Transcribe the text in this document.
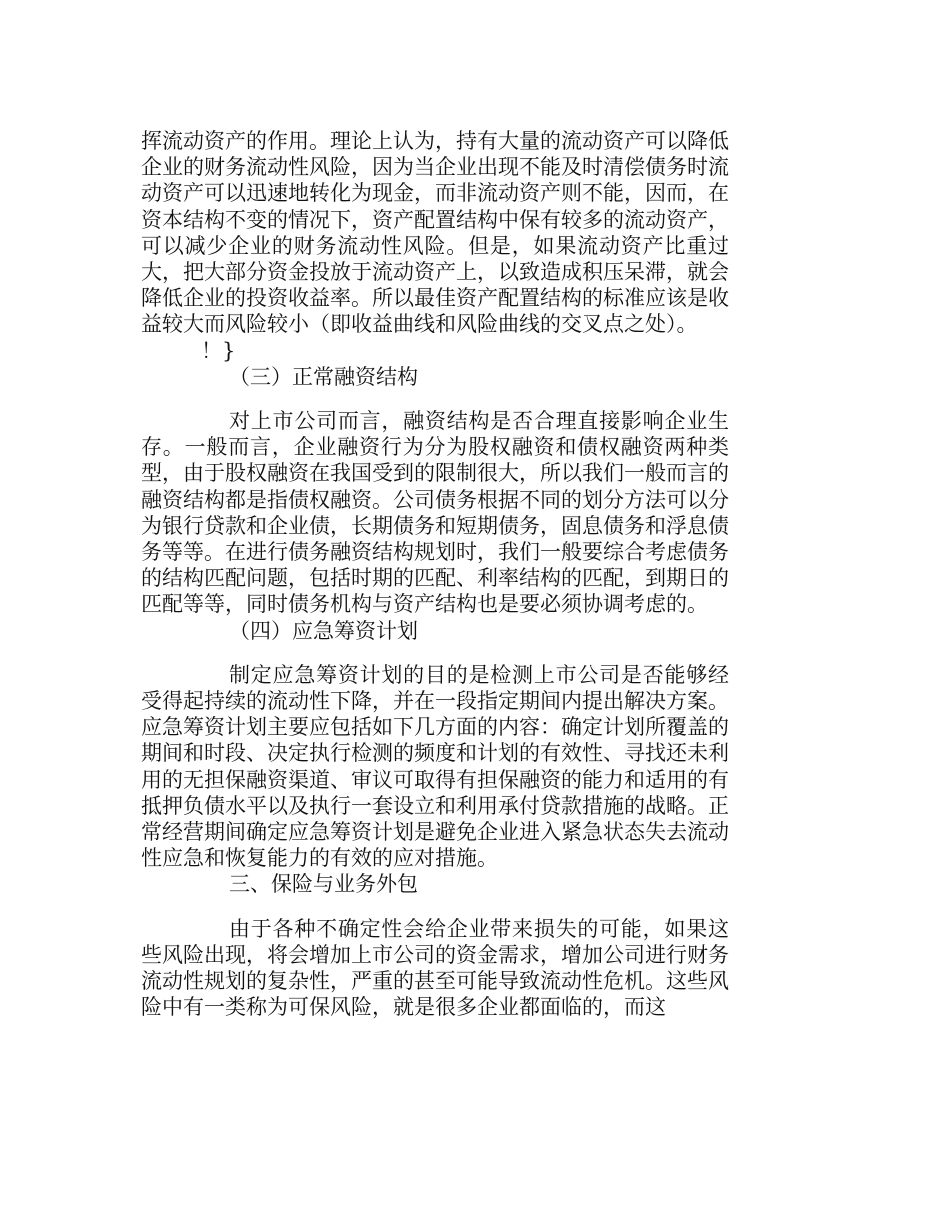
挥流动资产的作用。理论上认为，持有大量的流动资产可以降低企业的财务流动性风险，因为当企业出现不能及时清偿债务时流动资产可以迅速地转化为现金，而非流动资产则不能，因而，在资本结构不变的情况下，资产配置结构中保有较多的流动资产，可以减少企业的财务流动性风险。但是，如果流动资产比重过大，把大部分资金投放于流动资产上，以致造成积压呆滞，就会降低企业的投资收益率。所以最佳资产配置结构的标准应该是收益较大而风险较小（即收益曲线和风险曲线的交叉点之处）。

！}

（三）正常融资结构

对上市公司而言，融资结构是否合理直接影响企业生存。一般而言，企业融资行为分为股权融资和债权融资两种类型，由于股权融资在我国受到的限制很大，所以我们一般而言的融资结构都是指债权融资。公司债务根据不同的划分方法可以分为银行贷款和企业债，长期债务和短期债务，固息债务和浮息债务等等。在进行债务融资结构规划时，我们一般要综合考虑债务的结构匹配问题，包括时期的匹配、利率结构的匹配，到期日的匹配等等，同时债务机构与资产结构也是要必须协调考虑的。

（四）应急筹资计划

制定应急筹资计划的目的是检测上市公司是否能够经受得起持续的流动性下降，并在一段指定期间内提出解决方案。应急筹资计划主要应包括如下几方面的内容：确定计划所覆盖的期间和时段、决定执行检测的频度和计划的有效性、寻找还未利用的无担保融资渠道、审议可取得有担保融资的能力和适用的有抵押负债水平以及执行一套设立和利用承付贷款措施的战略。正常经营期间确定应急筹资计划是避免企业进入紧急状态失去流动性应急和恢复能力的有效的应对措施。

三、保险与业务外包

由于各种不确定性会给企业带来损失的可能，如果这些风险出现，将会增加上市公司的资金需求，增加公司进行财务流动性规划的复杂性，严重的甚至可能导致流动性危机。这些风险中有一类称为可保风险，就是很多企业都面临的，而这
